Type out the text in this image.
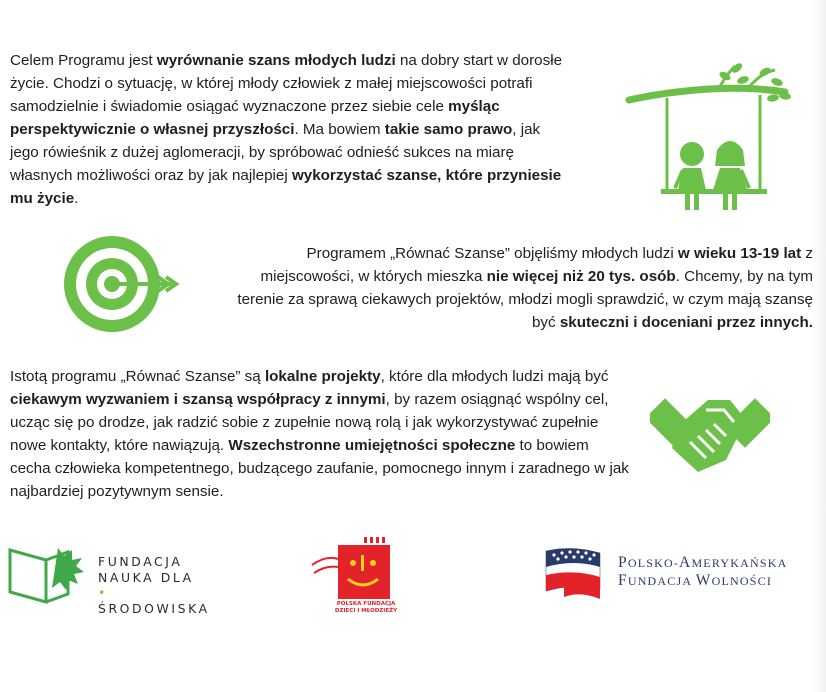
Celem Programu jest wyrównanie szans młodych ludzi na dobry start w dorosłe życie. Chodzi o sytuację, w której młody człowiek z małej miejscowości potrafi samodzielnie i świadomie osiągać wyznaczone przez siebie cele myśląc perspektywicznie o własnej przyszłości. Ma bowiem takie samo prawo, jak jego rówieśnik z dużej aglomeracji, by spróbować odnieść sukces na miarę własnych możliwości oraz by jak najlepiej wykorzystać szanse, które przyniesie mu życie.

Programem „Równać Szanse” objęliśmy młodych ludzi w wieku 13-19 lat z miejscowości, w których mieszka nie więcej niż 20 tys. osób. Chcemy, by na tym terenie za sprawą ciekawych projektów, młodzi mogli sprawdzić, w czym mają szansę być skuteczni i doceniani przez innych.

Istotą programu „Równać Szanse” są lokalne projekty, które dla młodych ludzi mają być ciekawym wyzwaniem i szansą współpracy z innymi, by razem osiągnąć wspólny cel, ucząc się po drodze, jak radzić sobie z zupełnie nową rolą i jak wykorzystywać zupełnie nowe kontakty, które nawiązują. Wszechstronne umiejętności społeczne to bowiem cecha człowieka kompetentnego, budzącego zaufanie, pomocnego innym i zaradnego w jak najbardziej pozytywnym sensie.

FUNDACJA
NAUKA DLA •
ŚRODOWISKA	POLSKA FUNDACJA
DZIECI I MŁODZIEŻY
POLSKO-AMERYKAŃSKA
FUNDACJA WOLNOŚCI
